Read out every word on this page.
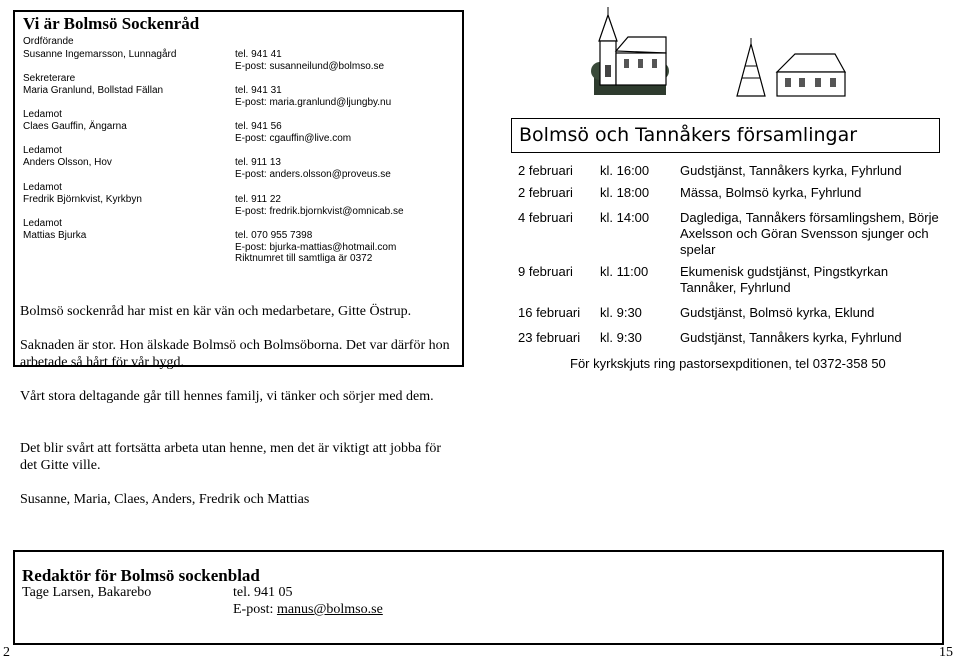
Vi är Bolmsö Sockenråd
Ordförande
Susanne Ingemarsson, Lunnagård	tel. 941 41
E-post: susanneilund@bolmso.se
Sekreterare
Maria Granlund, Bollstad Fällan	tel. 941 31
E-post: maria.granlund@ljungby.nu
Ledamot
Claes Gauffin, Ängarna	tel. 941 56
E-post: cgauffin@live.com
Ledamot
Anders Olsson, Hov	tel. 911 13
E-post: anders.olsson@proveus.se
Ledamot
Fredrik Björnkvist, Kyrkbyn	tel. 911 22
E-post: fredrik.bjornkvist@omnicab.se
Ledamot
Mattias Bjurka	tel. 070 955 7398
E-post: bjurka-mattias@hotmail.com
Riktnumret till samtliga är 0372
Bolmsö sockenråd har mist en kär vän och medarbetare, Gitte Östrup.
Saknaden är stor. Hon älskade Bolmsö och Bolmsöborna. Det var därför hon arbetade så hårt för vår bygd.
Vårt stora deltagande går till hennes familj, vi tänker och sörjer med dem.
Det blir svårt att fortsätta arbeta utan henne, men det är viktigt att jobba för det Gitte ville.
Susanne, Maria, Claes, Anders, Fredrik och Mattias
Redaktör för Bolmsö sockenblad
Tage Larsen, Bakarebo	tel. 941 05
E-post: manus@bolmso.se
2	15
Bolmsö och Tannåkers församlingar
2 februari kl. 16:00 Gudstjänst, Tannåkers kyrka, Fyhrlund
2 februari kl. 18:00 Mässa, Bolmsö kyrka, Fyhrlund
4 februari kl. 14:00 Dagledigа, Tannåkers församlingshem, Börje Axelsson och Göran Svensson sjunger och spelar
9 februari kl. 11:00 Ekumenisk gudstjänst, Pingstkyrkan Tannåker, Fyhrlund
16 februari kl. 9:30	Gudstjänst, Bolmsö kyrka, Eklund
23 februari kl. 9:30	Gudstjänst, Tannåkers kyrka, Fyhrlund
För kyrkskjuts ring pastorsexpditionen, tel 0372-358 50
